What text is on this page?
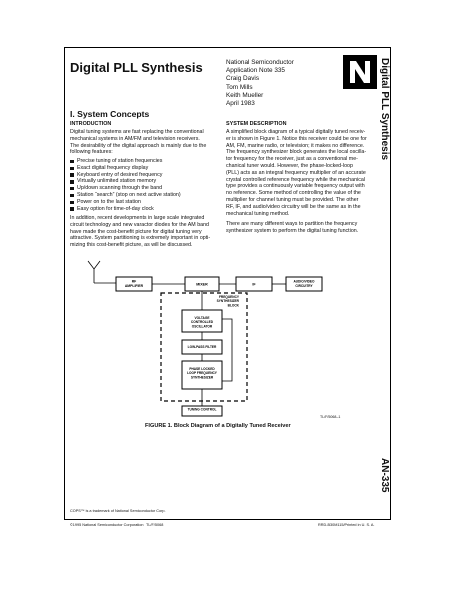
Digital PLL Synthesis	National Semiconductor
Application Note 335
Craig Davis
Tom Mills
Keith Mueller
April 1983	Digital PLL Synthesis
AN-335
I. System Concepts
INTRODUCTION
Digital tuning systems are fast replacing the conventional
mechanical systems in AM/FM and television receivers.
The desirability of the digital approach is mainly due to the
following features:
Precise tuning of station frequencies
Exact digital frequency display
Keyboard entry of desired frequency
Virtually unlimited station memory
Up/down scanning through the band
Station “search” (stop on next active station)
Power on to the last station
Easy option for time-of-day clock
In addition, recent developments in large scale integrated
circuit technology and new varactor diodes for the AM band
have made the cost-benefit picture for digital tuning very
attractive. System partitioning is extremely important in opti-
mizing this cost-benefit picture, as will be discussed.
SYSTEM DESCRIPTION
A simplified block diagram of a typical digitally tuned receiv-
er is shown in Figure 1. Notice this receiver could be one for
AM, FM, marine radio, or television; it makes no difference.
The frequency synthesizer block generates the local oscilla-
tor frequency for the receiver, just as a conventional me-
chanical tuner would. However, the phase-locked-loop
(PLL) acts as an integral frequency multiplier of an accurate
crystal controlled reference frequency while the mechanical
type provides a continuously variable frequency output with
no reference. Some method of controlling the value of the
multiplier for channel tuning must be provided. The other
RF, IF, and audio/video circuitry will be the same as in the
mechanical tuning method.
There are many different ways to partition the frequency
synthesizer system to perform the digital tuning function.
RF AMPLIFIER	MIXER	IF
AUDIO/VIDEO CIRCUITRY
FREQUENCY SYNTHESIZER BLOCK
VOLTAGE CONTROLLED OSCILLATOR
LOW-PASS FILTER
PHASE LOCKED LOOP FREQUENCY SYNTHESIZER
TUNING CONTROL
TL/F/5068–1
FIGURE 1. Block Diagram of a Digitally Tuned Receiver
COPS™ is a trademark of National Semiconductor Corp.
©1995 National Semiconductor Corporation TL/F/5068	RRD-B30M115/Printed in U. S. A.
